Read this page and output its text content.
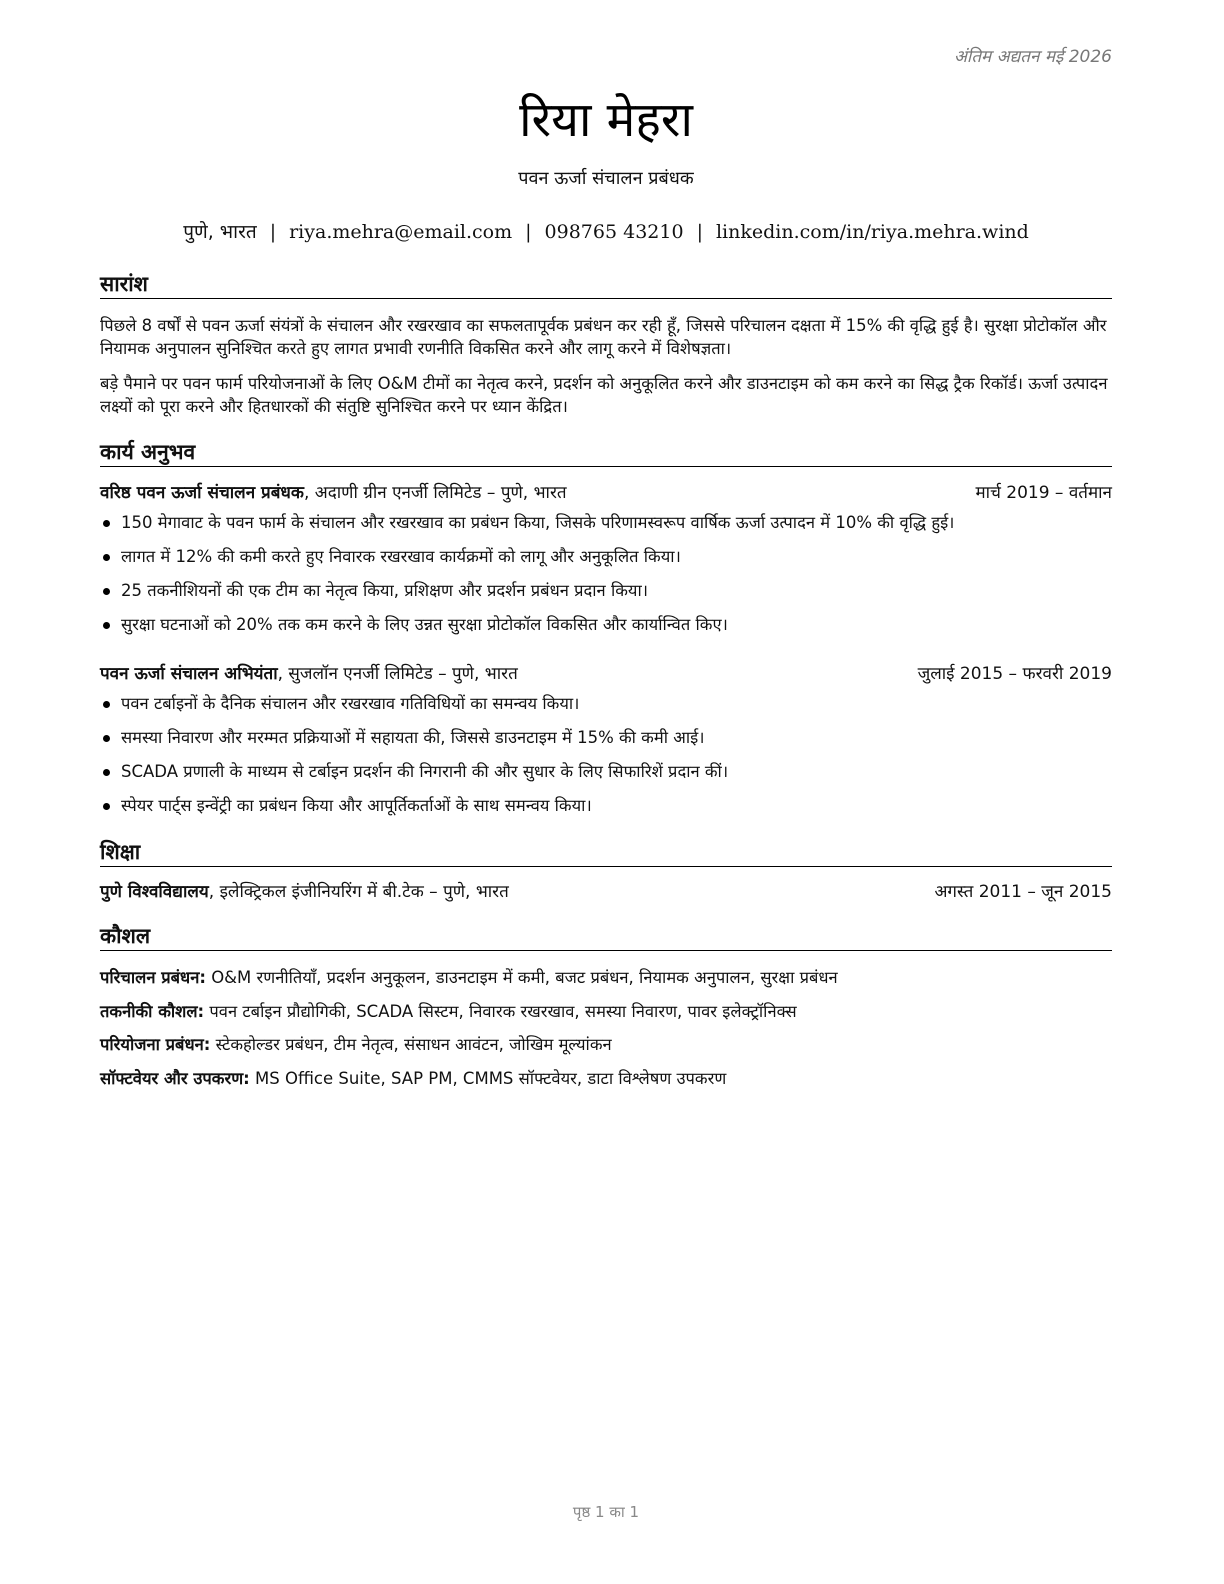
अंतिम अद्यतन मई 2026
रिया मेहरा
पवन ऊर्जा संचालन प्रबंधक
पुणे, भारत | riya.mehra@email.com | 098765 43210 | linkedin.com/in/riya.mehra.wind
सारांश

पिछले 8 वर्षों से पवन ऊर्जा संयंत्रों के संचालन और रखरखाव का सफलतापूर्वक प्रबंधन कर रही हूँ, जिससे परिचालन दक्षता में 15% की वृद्धि हुई है। सुरक्षा प्रोटोकॉल और नियामक अनुपालन सुनिश्चित करते हुए लागत प्रभावी रणनीति विकसित करने और लागू करने में विशेषज्ञता।

बड़े पैमाने पर पवन फार्म परियोजनाओं के लिए O&M टीमों का नेतृत्व करने, प्रदर्शन को अनुकूलित करने और डाउनटाइम को कम करने का सिद्ध ट्रैक रिकॉर्ड। ऊर्जा उत्पादन लक्ष्यों को पूरा करने और हितधारकों की संतुष्टि सुनिश्चित करने पर ध्यान केंद्रित।

कार्य अनुभव
वरिष्ठ पवन ऊर्जा संचालन प्रबंधक, अदाणी ग्रीन एनर्जी लिमिटेड – पुणे, भारत	मार्च 2019 – वर्तमान
150 मेगावाट के पवन फार्म के संचालन और रखरखाव का प्रबंधन किया, जिसके परिणामस्वरूप वार्षिक ऊर्जा उत्पादन में 10% की वृद्धि हुई।
लागत में 12% की कमी करते हुए निवारक रखरखाव कार्यक्रमों को लागू और अनुकूलित किया।
25 तकनीशियनों की एक टीम का नेतृत्व किया, प्रशिक्षण और प्रदर्शन प्रबंधन प्रदान किया।
सुरक्षा घटनाओं को 20% तक कम करने के लिए उन्नत सुरक्षा प्रोटोकॉल विकसित और कार्यान्वित किए।
पवन ऊर्जा संचालन अभियंता, सुजलॉन एनर्जी लिमिटेड – पुणे, भारत	जुलाई 2015 – फरवरी 2019
पवन टर्बाइनों के दैनिक संचालन और रखरखाव गतिविधियों का समन्वय किया।
समस्या निवारण और मरम्मत प्रक्रियाओं में सहायता की, जिससे डाउनटाइम में 15% की कमी आई।
SCADA प्रणाली के माध्यम से टर्बाइन प्रदर्शन की निगरानी की और सुधार के लिए सिफारिशें प्रदान कीं।
स्पेयर पार्ट्स इन्वेंट्री का प्रबंधन किया और आपूर्तिकर्ताओं के साथ समन्वय किया।
शिक्षा
पुणे विश्वविद्यालय, इलेक्ट्रिकल इंजीनियरिंग में बी.टेक – पुणे, भारत	अगस्त 2011 – जून 2015
कौशल
परिचालन प्रबंधन: O&M रणनीतियाँ, प्रदर्शन अनुकूलन, डाउनटाइम में कमी, बजट प्रबंधन, नियामक अनुपालन, सुरक्षा प्रबंधन
तकनीकी कौशल: पवन टर्बाइन प्रौद्योगिकी, SCADA सिस्टम, निवारक रखरखाव, समस्या निवारण, पावर इलेक्ट्रॉनिक्स
परियोजना प्रबंधन: स्टेकहोल्डर प्रबंधन, टीम नेतृत्व, संसाधन आवंटन, जोखिम मूल्यांकन
सॉफ्टवेयर और उपकरण: MS Office Suite, SAP PM, CMMS सॉफ्टवेयर, डाटा विश्लेषण उपकरण
पृष्ठ 1 का 1
